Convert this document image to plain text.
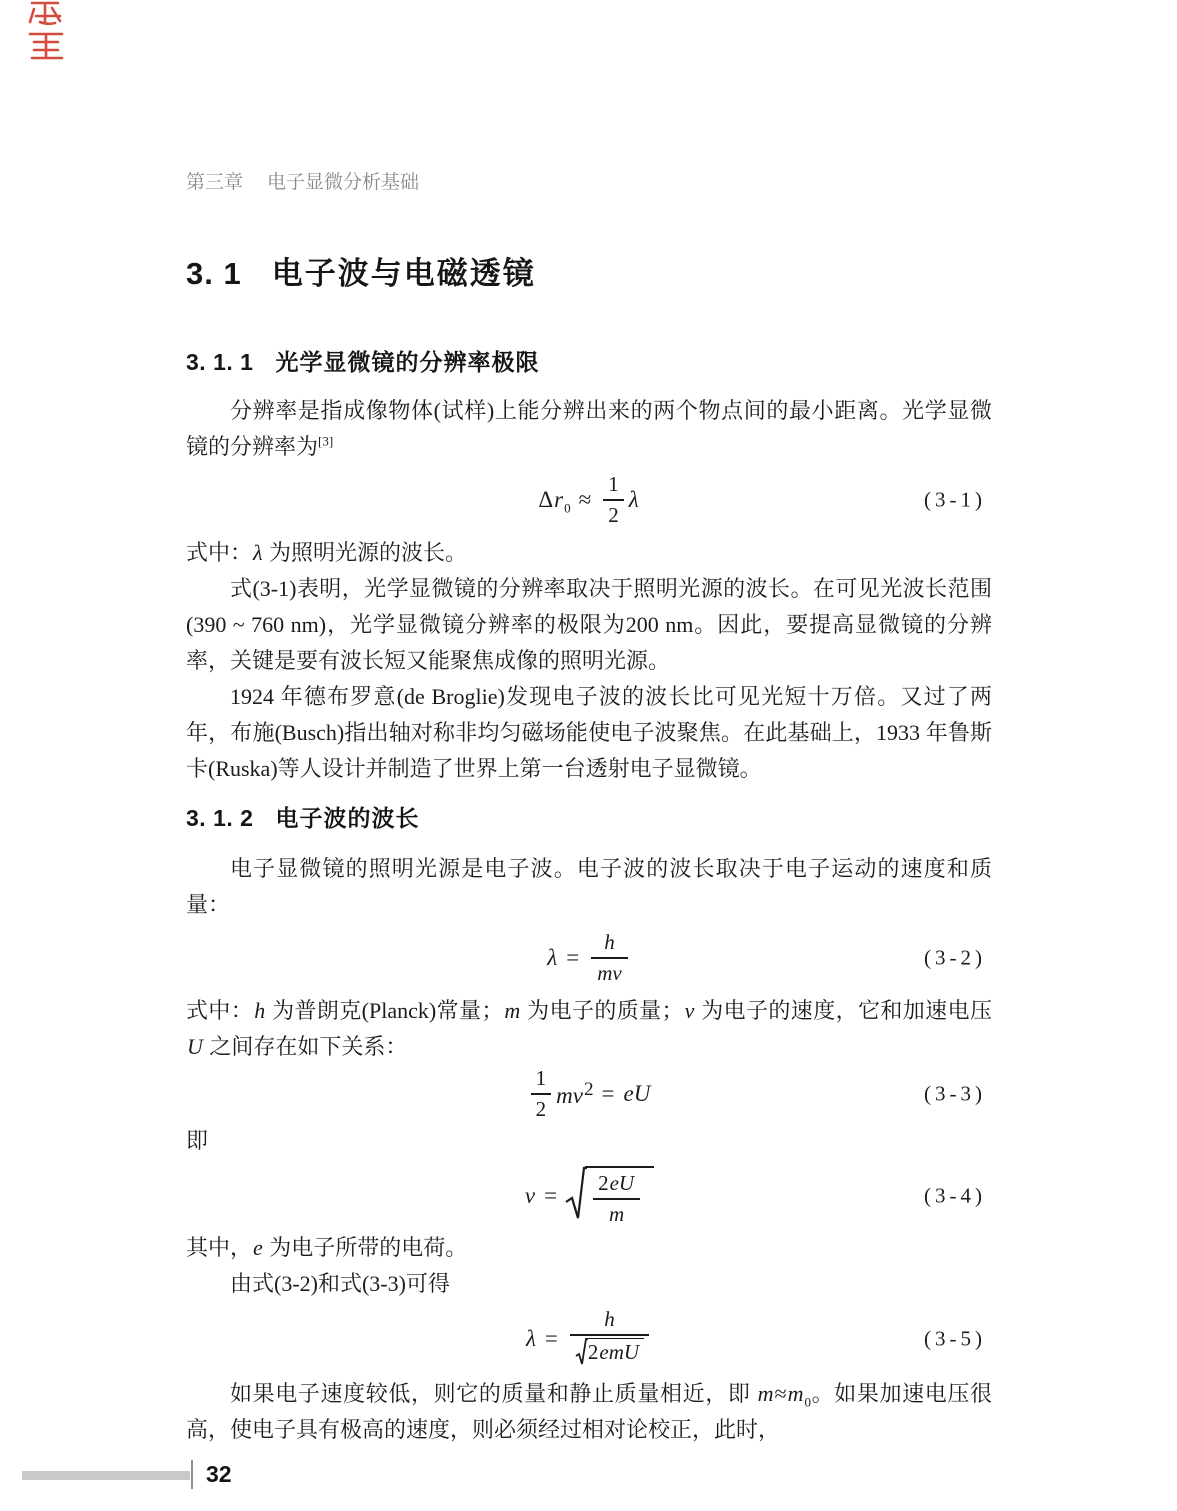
第三章 电子显微分析基础
3. 1 电子波与电磁透镜
3. 1. 1 光学显微镜的分辨率极限

分辨率是指成像物体(试样)上能分辨出来的两个物点间的最小距离。光学显微镜的分辨率为[3]

$\Delta r_0 \approx \frac{1}{2}$ λ	(3-1)

式中：λ 为照明光源的波长。

式(3-1)表明，光学显微镜的分辨率取决于照明光源的波长。在可见光波长范围(390 ~ 760 nm)，光学显微镜分辨率的极限为200 nm。因此，要提高显微镜的分辨率，关键是要有波长短又能聚焦成像的照明光源。

1924 年德布罗意(de Broglie)发现电子波的波长比可见光短十万倍。又过了两年，布施(Busch)指出轴对称非均匀磁场能使电子波聚焦。在此基础上，1933 年鲁斯卡(Ruska)等人设计并制造了世界上第一台透射电子显微镜。

3. 1. 2 电子波的波长

电子显微镜的照明光源是电子波。电子波的波长取决于电子运动的速度和质量：

$\lambda = \frac{h}{mv}$	(3-2)

式中：h 为普朗克(Planck)常量；m 为电子的质量；v 为电子的速度，它和加速电压 U 之间存在如下关系：

$\frac{1}{2} mv^2$ = eU	(3-3)

即

$v = \frac{2eU}{m}$	(3-4)

其中，e 为电子所带的电荷。

由式(3-2)和式(3-3)可得

$\lambda = \frac{h}{\text{2emU}}$	(3-5)

如果电子速度较低，则它的质量和静止质量相近，即 $m\approx m_0$。如果加速电压很高，使电子具有极高的速度，则必须经过相对论校正，此时，

32
